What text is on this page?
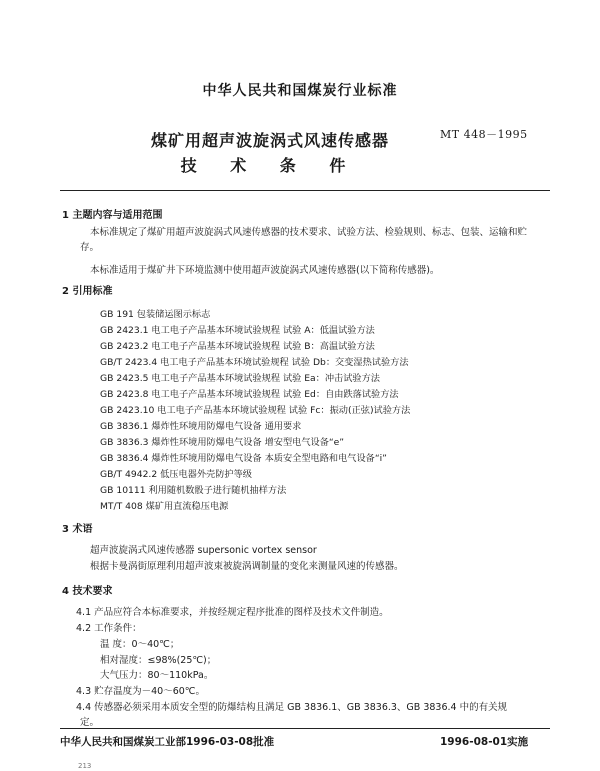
中华人民共和国煤炭行业标准
煤矿用超声波旋涡式风速传感器
技 术 条 件
MT 448－1995
1 主题内容与适用范围
本标准规定了煤矿用超声波旋涡式风速传感器的技术要求、试验方法、检验规则、标志、包装、运输和贮存。
本标准适用于煤矿井下环境监测中使用超声波旋涡式风速传感器(以下简称传感器)。
2 引用标准
GB 191 包装储运图示标志
GB 2423.1 电工电子产品基本环境试验规程 试验 A：低温试验方法
GB 2423.2 电工电子产品基本环境试验规程 试验 B：高温试验方法
GB/T 2423.4 电工电子产品基本环境试验规程 试验 Db：交变湿热试验方法
GB 2423.5 电工电子产品基本环境试验规程 试验 Ea：冲击试验方法
GB 2423.8 电工电子产品基本环境试验规程 试验 Ed：自由跌落试验方法
GB 2423.10 电工电子产品基本环境试验规程 试验 Fc：振动(正弦)试验方法
GB 3836.1 爆炸性环境用防爆电气设备 通用要求
GB 3836.3 爆炸性环境用防爆电气设备 增安型电气设备“e”
GB 3836.4 爆炸性环境用防爆电气设备 本质安全型电路和电气设备“i”
GB/T 4942.2 低压电器外壳防护等级
GB 10111 利用随机数骰子进行随机抽样方法
MT/T 408 煤矿用直流稳压电源
3 术语
超声波旋涡式风速传感器 supersonic vortex sensor
根据卡曼涡街原理利用超声波束被旋涡调制量的变化来测量风速的传感器。
4 技术要求
4.1 产品应符合本标准要求，并按经规定程序批准的图样及技术文件制造。
4.2 工作条件：
温 度：0～40℃；
相对湿度：≤98%(25℃)；
大气压力：80～110kPa。
4.3 贮存温度为－40～60℃。
4.4 传感器必须采用本质安全型的防爆结构且满足 GB 3836.1、GB 3836.3、GB 3836.4 中的有关规
定。
中华人民共和国煤炭工业部1996-03-08批准	1996-08-01实施
213
